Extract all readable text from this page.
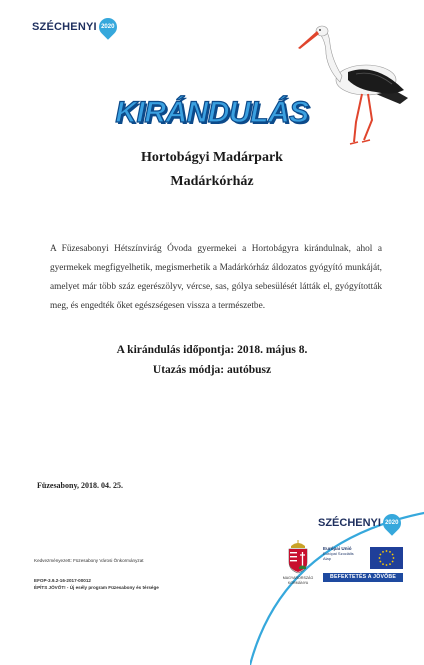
SZÉCHENYI 2020
KIRÁNDULÁS
Hortobágyi Madárpark
Madárkórház
A Füzesabonyi Hétszínvirág Óvoda gyermekei a Hortobágyra kirándulnak, ahol a gyermekek megfigyelhetik, megismerhetik a Madárkórház áldozatos gyógyító munkáját, amelyet már több száz egerészölyv, vércse, sas, gólya sebesülését látták el, gyógyították meg, és engedték őket egészségesen vissza a természetbe.
A kirándulás időpontja: 2018. május 8.
Utazás módja: autóbusz
Füzesabony, 2018. 04. 25.
SZÉCHENYI 2020
Kedvezményezett: Füzesabony Városi Önkormányzat
EFOP-3.9.2-16-2017-00012
ÉPÍTS JÖVŐT! - Új esély program Füzesabony és térsége
MAGYARORSZÁG
KORMÁNYA
Európai Unió
Európai Szociális
Alap
BEFEKTETÉS A JÖVŐBE
